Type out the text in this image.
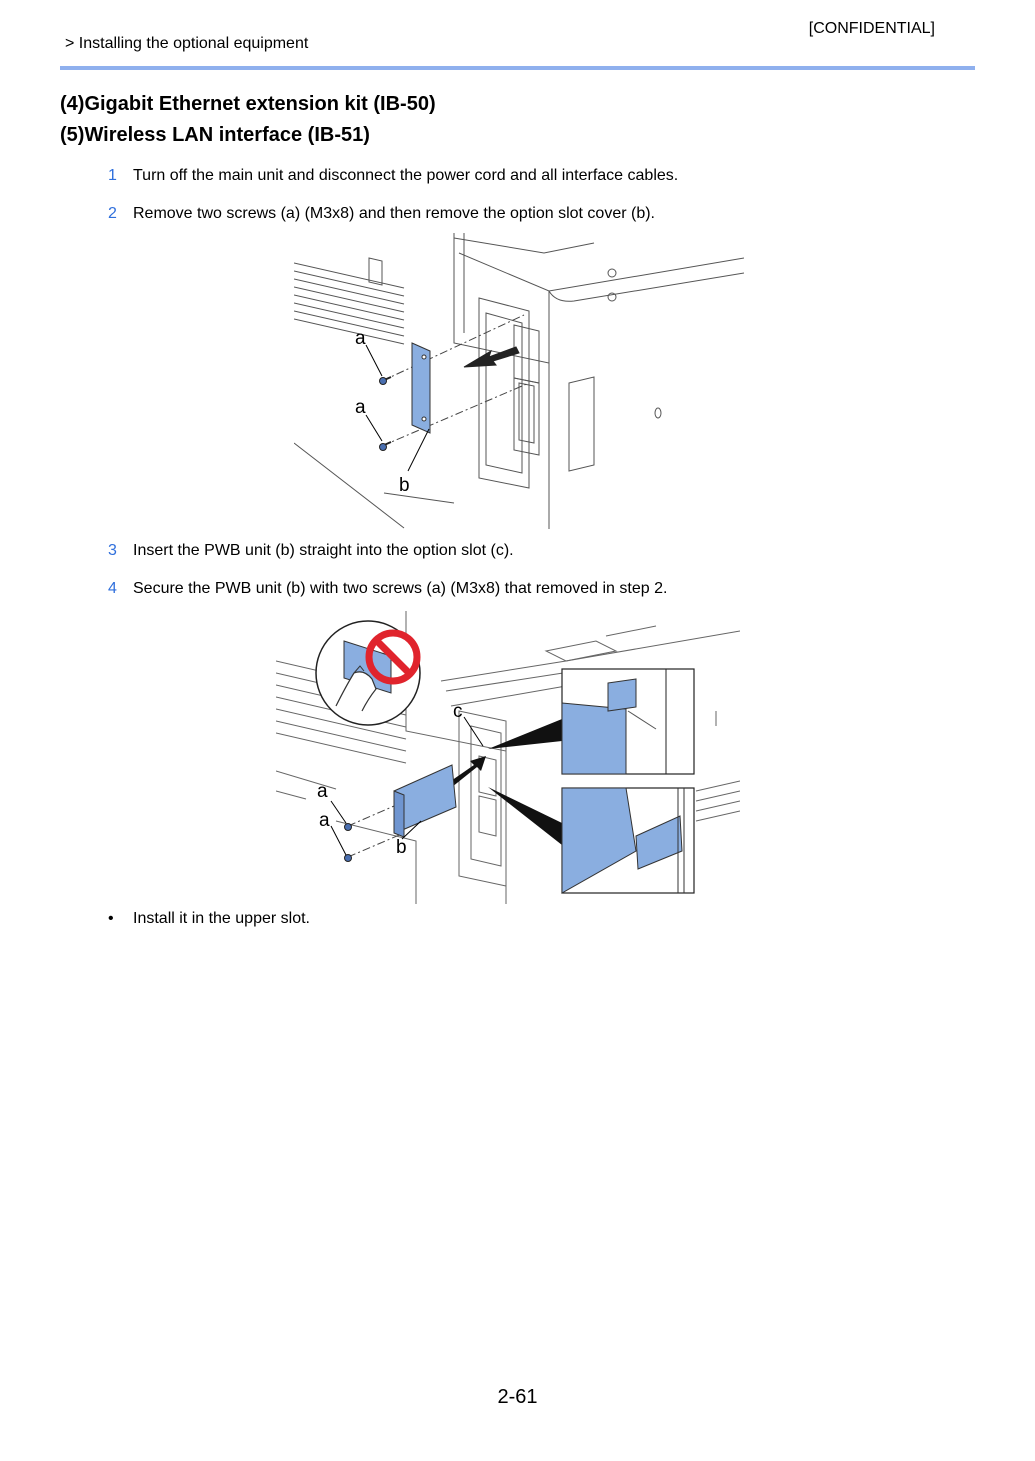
[CONFIDENTIAL]
> Installing the optional equipment
(4)Gigabit Ethernet extension kit (IB-50)
(5)Wireless LAN interface (IB-51)
1 Turn off the main unit and disconnect the power cord and all interface cables.
2 Remove two screws (a) (M3x8) and then remove the option slot cover (b).
a
a
b
3 Insert the PWB unit (b) straight into the option slot (c).
4 Secure the PWB unit (b) with two screws (a) (M3x8) that removed in step 2.
c
a
a
b
• Install it in the upper slot.
2-61
